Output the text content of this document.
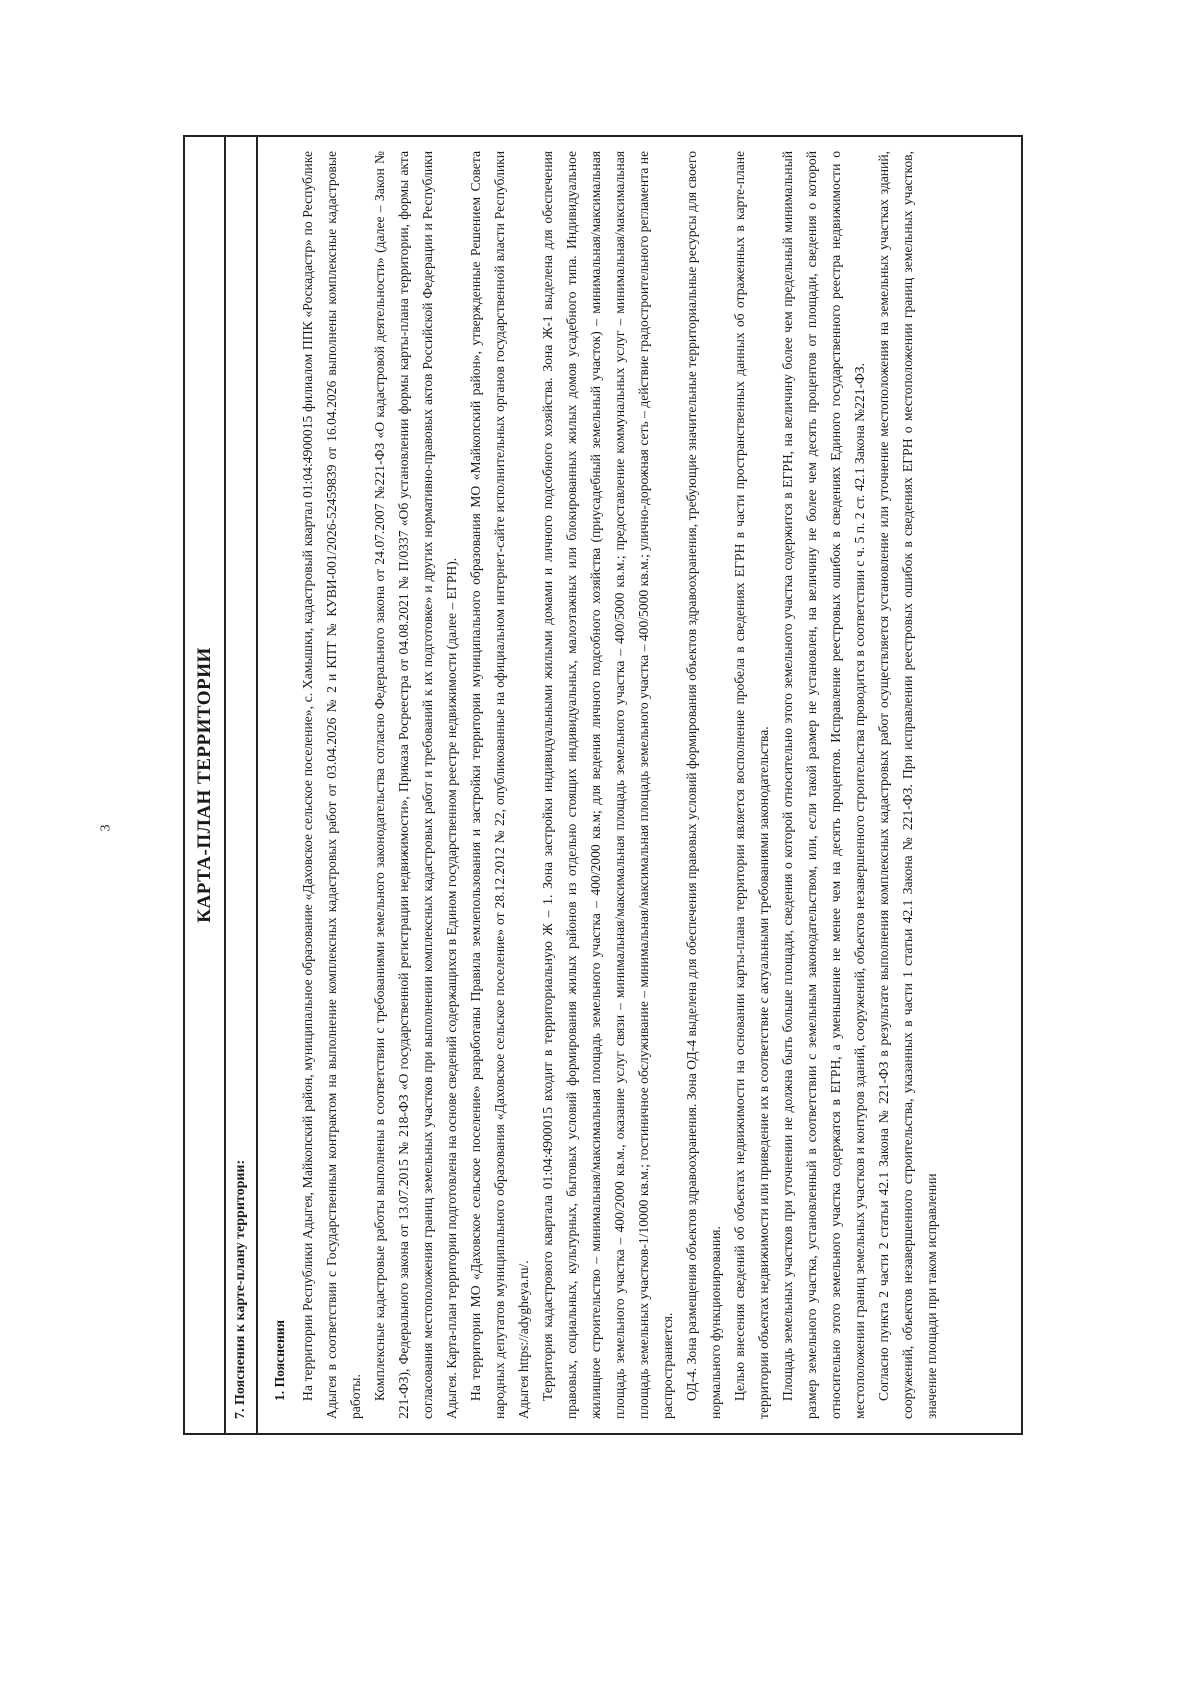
3	КАРТА-ПЛАН ТЕРРИТОРИИ
7. Пояснения к карте-плану территории:	1. Пояснения На территории Республики Адыгея, Майкопский район, муниципальное образование «Даховское сельское поселение», с. Хамышки, кадастровый квартал 01:04:4900015 филиалом ППК «Роскадастр» по Республике Адыгея в соответствии с Государственным контрактом на выполнение комплексных кадастровых работ от 03.04.2026 № 2 и КПТ № КУВИ-001/2026-52459839 от 16.04.2026 выполнены комплексные кадастровые работы. Комплексные кадастровые работы выполнены в соответствии с требованиями земельного законодательства согласно Федерального закона от 24.07.2007 №221-ФЗ «О кадастровой деятельности» (далее – Закон № 221-ФЗ), Федерального закона от 13.07.2015 № 218-ФЗ «О государственной регистрации недвижимости», Приказа Росреестра от 04.08.2021 № П/0337 «Об установлении формы карты-плана территории, формы акта согласования местоположения границ земельных участков при выполнении комплексных кадастровых работ и требований к их подготовке» и других нормативно-правовых актов Российской Федерации и Республики Адыгея. Карта-план территории подготовлена на основе сведений содержащихся в Едином государственном реестре недвижимости (далее – ЕГРН). На территории МО «Даховское сельское поселение» разработаны Правила землепользования и застройки территории муниципального образования МО «Майкопский район», утвержденные Решением Совета народных депутатов муниципального образования «Даховское сельское поселение» от 28.12.2012 № 22, опубликованные на официальном интернет-сайте исполнительных органов государственной власти Республики Адыгея https://adygheya.ru/. Территория кадастрового квартала 01:04:4900015 входит в территориальную Ж – 1. Зона застройки индивидуальными жилыми домами и личного подсобного хозяйства. Зона Ж-1 выделена для обеспечения правовых, социальных, культурных, бытовых условий формирования жилых районов из отдельно стоящих индивидуальных, малоэтажных или блокированных жилых домов усадебного типа. Индивидуальное жилищное строительство – минимальная/максимальная площадь земельного участка – 400/2000 кв.м; для ведения личного подсобного хозяйства (приусадебный земельный участок) – минимальная/максимальная площадь земельного участка – 400/2000 кв.м., оказание услуг связи – минимальная/максимальная площадь земельного участка – 400/5000 кв.м.; предоставление коммунальных услуг – минимальная/максимальная площадь земельных участков-1/10000 кв.м.; гостиничное обслуживание – минимальная/максимальная площадь земельного участка – 400/5000 кв.м.; улично-дорожная сеть – действие градостроительного регламента не распространяется. ОД-4. Зона размещения объектов здравоохранения. Зона ОД-4 выделена для обеспечения правовых условий формирования объектов здравоохранения, требующие значительные территориальные ресурсы для своего нормального функционирования. Целью внесения сведений об объектах недвижимости на основании карты-плана территории является восполнение пробела в сведениях ЕГРН в части пространственных данных об отраженных в карте-плане территории объектах недвижимости или приведение их в соответствие с актуальными требованиями законодательства. Площадь земельных участков при уточнении не должна быть больше площади, сведения о которой относительно этого земельного участка содержится в ЕГРН, на величину более чем предельный минимальный размер земельного участка, установленный в соответствии с земельным законодательством, или, если такой размер не установлен, на величину не более чем десять процентов от площади, сведения о которой относительно этого земельного участка содержатся в ЕГРН, а уменьшение не менее чем на десять процентов. Исправление реестровых ошибок в сведениях Единого государственного реестра недвижимости о местоположении границ земельных участков и контуров зданий, сооружений, объектов незавершенного строительства проводится в соответствии с ч. 5 п. 2 ст. 42.1 Закона №221-ФЗ. Согласно пункта 2 части 2 статьи 42.1 Закона № 221-ФЗ в результате выполнения комплексных кадастровых работ осуществляется установление или уточнение местоположения на земельных участках зданий, сооружений, объектов незавершенного строительства, указанных в части 1 статьи 42.1 Закона № 221-ФЗ. При исправлении реестровых ошибок в сведениях ЕГРН о местоположении границ земельных участков, значение площади при таком исправлении
